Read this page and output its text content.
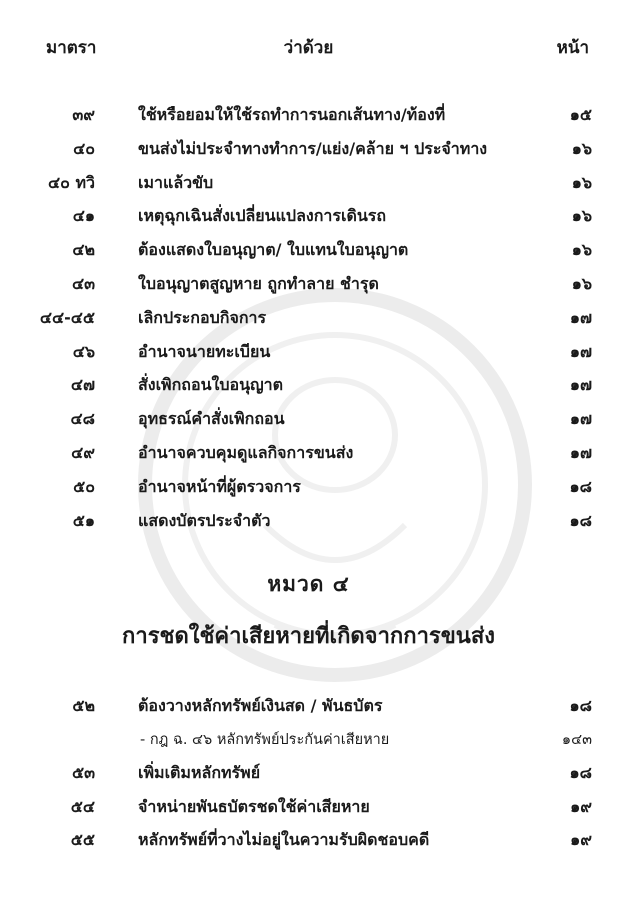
มาตรา	ว่าด้วย	หน้า
๓๙	ใช้หรือยอมให้ใช้รถทำการนอกเส้นทาง/ท้องที่	๑๕
๔๐	ขนส่งไม่ประจำทางทำการ/แย่ง/คล้าย ฯ ประจำทาง	๑๖
๔๐ ทวิ	เมาแล้วขับ	๑๖
๔๑	เหตุฉุกเฉินสั่งเปลี่ยนแปลงการเดินรถ	๑๖
๔๒	ต้องแสดงใบอนุญาต/ ใบแทนใบอนุญาต	๑๖
๔๓	ใบอนุญาตสูญหาย ถูกทำลาย ชำรุด	๑๖
๔๔-๔๕	เลิกประกอบกิจการ	๑๗
๔๖	อำนาจนายทะเบียน	๑๗
๔๗	สั่งเพิกถอนใบอนุญาต	๑๗
๔๘	อุทธรณ์คำสั่งเพิกถอน	๑๗
๔๙	อำนาจควบคุมดูแลกิจการขนส่ง	๑๗
๕๐	อำนาจหน้าที่ผู้ตรวจการ	๑๘
๕๑	แสดงบัตรประจำตัว	๑๘
หมวด ๔
การชดใช้ค่าเสียหายที่เกิดจากการขนส่ง
๕๒	ต้องวางหลักทรัพย์เงินสด / พันธบัตร	๑๘
- กฎ ฉ. ๔๖ หลักทรัพย์ประกันค่าเสียหาย	๑๔๓
๕๓	เพิ่มเติมหลักทรัพย์	๑๘
๕๔	จำหน่ายพันธบัตรชดใช้ค่าเสียหาย	๑๙
๕๕	หลักทรัพย์ที่วางไม่อยู่ในความรับผิดชอบคดี	๑๙
